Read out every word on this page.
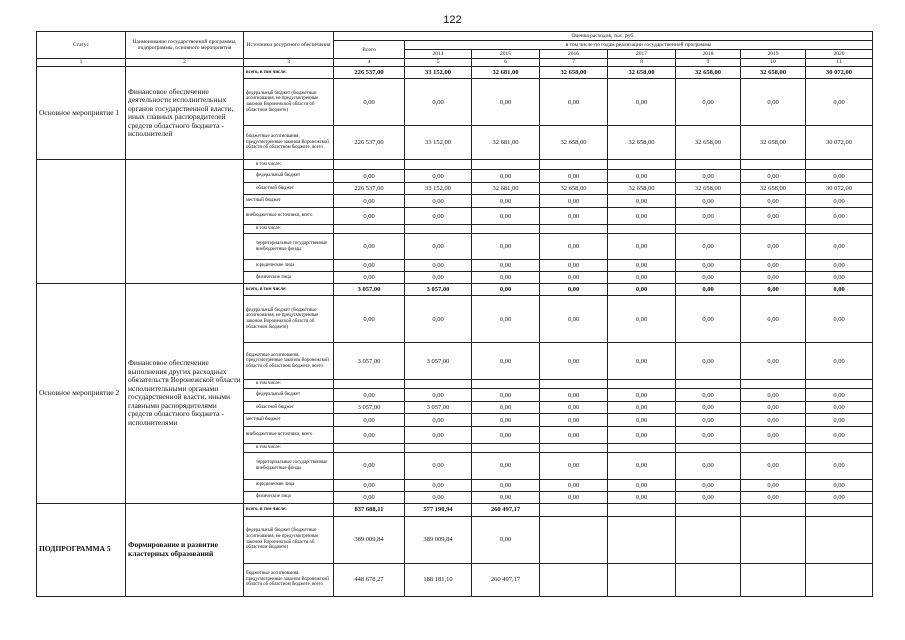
122
Статус	Наименование государственной программы, подпрограммы, основного мероприятия	Источники ресурсного обеспечения	Оценка расходов, тыс. руб.							
			Всего	в том числе по годам реализации государственной программы						
				2014	2015	2016	2017	2018	2019	2020
1	2	3	4	5	6	7	8	9	10	11
Основное мероприятие 1	Финансовое обеспечение деятельности исполнительных органов государственной власти, иных главных распорядителей средств областного бюджета - исполнителей	всего, в том числе:	226 537,00	33 152,00	32 681,00	32 658,00	32 658,00	32 658,00	32 658,00	30 072,00
		федеральный бюджет (бюджетные ассигнования, не предусмотренные законом Воронежской области об областном бюджете)	0,00	0,00	0,00	0,00	0,00	0,00	0,00	0,00
		бюджетные ассигнования, предусмотренные законом Воронежской области об областном бюджете, всего	226 537,00	33 152,00	32 681,00	32 658,00	32 658,00	32 658,00	32 658,00	30 072,00
		в том числе:								
		федеральный бюджет	0,00	0,00	0,00	0,00	0,00	0,00	0,00	0,00
		областной бюджет	226 537,00	33 152,00	32 681,00	32 658,00	32 658,00	32 658,00	32 658,00	30 072,00
		местный бюджет	0,00	0,00	0,00	0,00	0,00	0,00	0,00	0,00
		внебюджетные источники, всего	0,00	0,00	0,00	0,00	0,00	0,00	0,00	0,00
		в том числе:								
		территориальные государственные внебюджетные фонды	0,00	0,00	0,00	0,00	0,00	0,00	0,00	0,00
		юридические лица	0,00	0,00	0,00	0,00	0,00	0,00	0,00	0,00
		физические лица	0,00	0,00	0,00	0,00	0,00	0,00	0,00	0,00
Основное мероприятие 2	Финансовое обеспечение выполнения других расходных обязательств Воронежской области исполнительными органами государственной власти, иными главными распорядителями средств областного бюджета - исполнителями	всего, в том числе:	3 057,00	3 057,00	0,00	0,00	0,00	0,00	0,00	0,00
		федеральный бюджет (бюджетные ассигнования, не предусмотренные законом Воронежской области об областном бюджете)	0,00	0,00	0,00	0,00	0,00	0,00	0,00	0,00
		бюджетные ассигнования, предусмотренные законом Воронежской области об областном бюджете, всего	3 057,00	3 057,00	0,00	0,00	0,00	0,00	0,00	0,00
		в том числе:								
		федеральный бюджет	0,00	0,00	0,00	0,00	0,00	0,00	0,00	0,00
		областной бюджет	3 057,00	3 057,00	0,00	0,00	0,00	0,00	0,00	0,00
		местный бюджет	0,00	0,00	0,00	0,00	0,00	0,00	0,00	0,00
		внебюджетные источники, всего	0,00	0,00	0,00	0,00	0,00	0,00	0,00	0,00
		в том числе:								
		территориальные государственные внебюджетные фонды	0,00	0,00	0,00	0,00	0,00	0,00	0,00	0,00
		юридические лица	0,00	0,00	0,00	0,00	0,00	0,00	0,00	0,00
		физические лица	0,00	0,00	0,00	0,00	0,00	0,00	0,00	0,00
ПОДПРОГРАММА 5	Формирование и развитие кластерных образований	всего, в том числе:	837 688,11	577 190,94	260 497,17					
		федеральный бюджет (бюджетные ассигнования, не предусмотренные законом Воронежской области об областном бюджете)	389 009,84	389 009,84	0,00					
		бюджетные ассигнования, предусмотренные законом Воронежской области об областном бюджете, всего	448 678,27	188 181,10	260 497,17					
